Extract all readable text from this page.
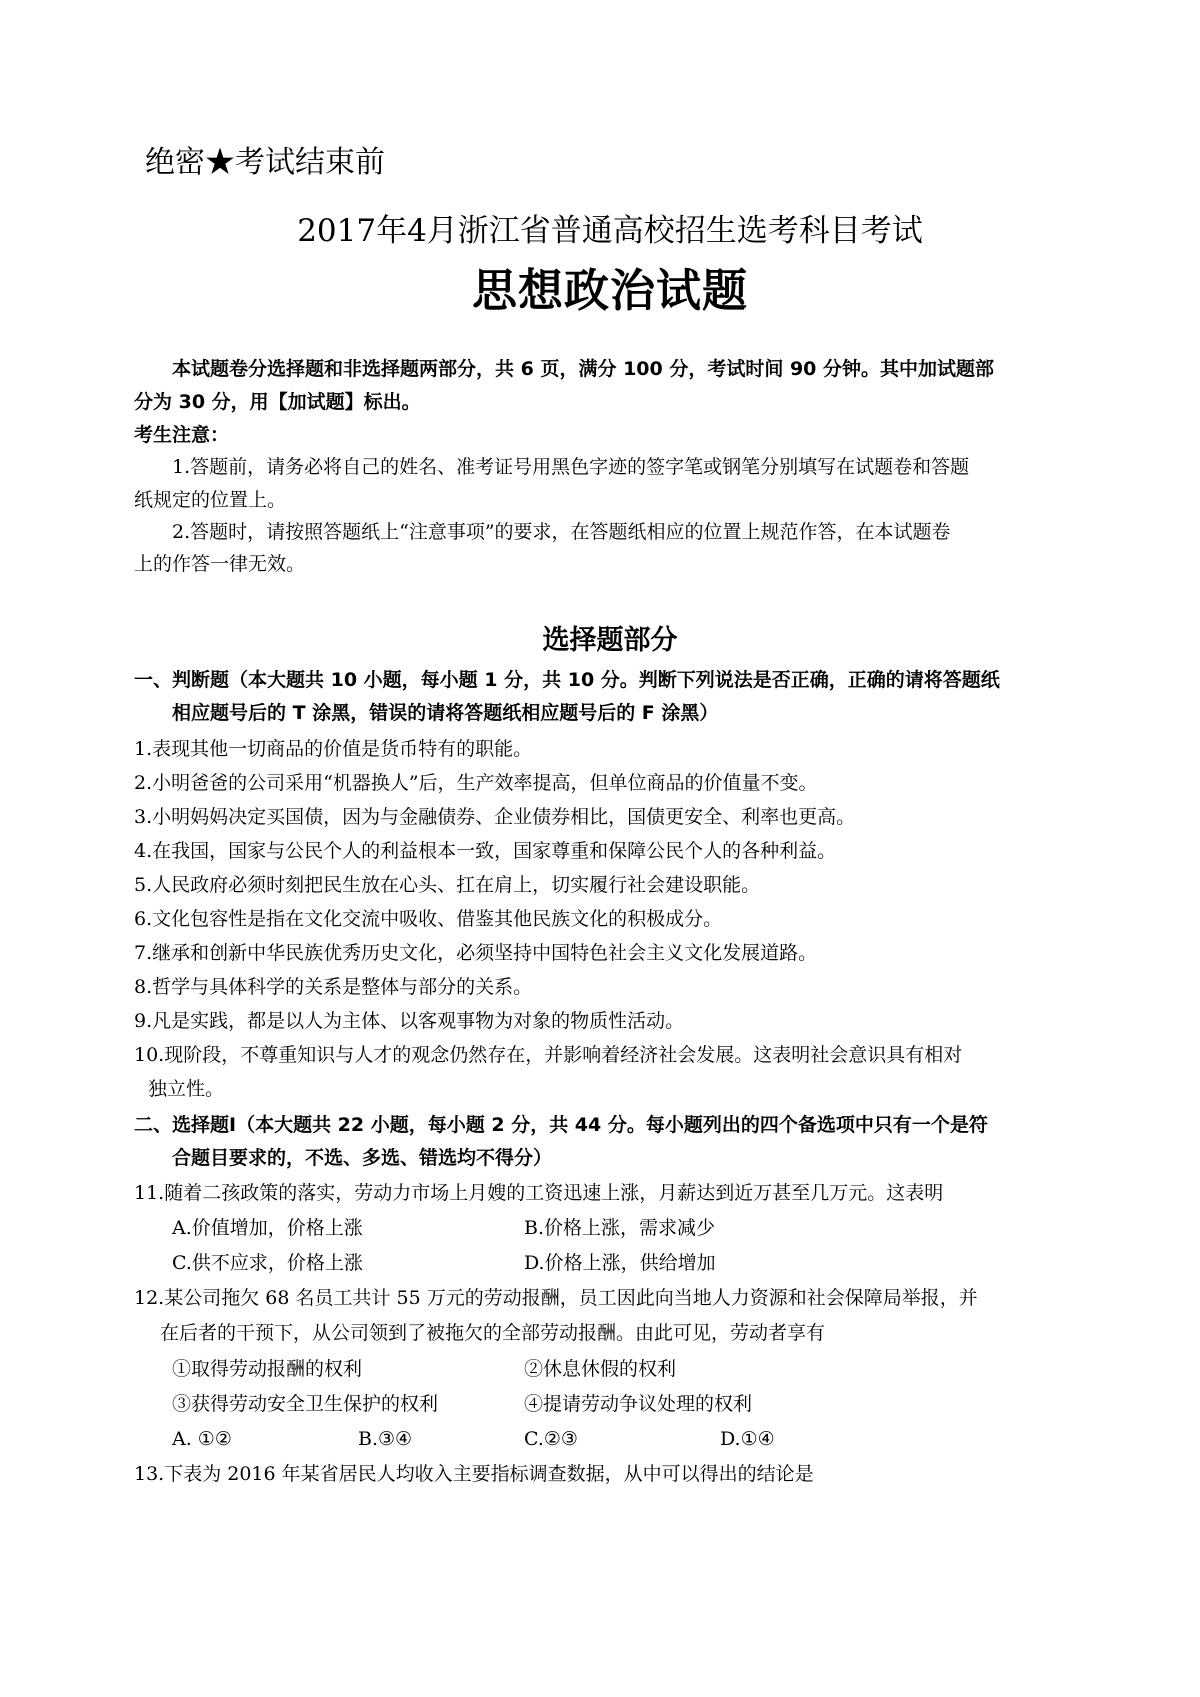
绝密★考试结束前
2017年4月浙江省普通高校招生选考科目考试
思想政治试题
本试题卷分选择题和非选择题两部分，共 6 页，满分 100 分，考试时间 90 分钟。其中加试题部
分为 30 分，用【加试题】标出。
考生注意：
1.答题前，请务必将自己的姓名、准考证号用黑色字迹的签字笔或钢笔分别填写在试题卷和答题
纸规定的位置上。
2.答题时，请按照答题纸上“注意事项”的要求，在答题纸相应的位置上规范作答，在本试题卷
上的作答一律无效。
选择题部分
一、判断题（本大题共 10 小题，每小题 1 分，共 10 分。判断下列说法是否正确，正确的请将答题纸
相应题号后的 T 涂黑，错误的请将答题纸相应题号后的 F 涂黑）
1.表现其他一切商品的价值是货币特有的职能。
2.小明爸爸的公司采用“机器换人”后，生产效率提高，但单位商品的价值量不变。
3.小明妈妈决定买国债，因为与金融债券、企业债券相比，国债更安全、利率也更高。
4.在我国，国家与公民个人的利益根本一致，国家尊重和保障公民个人的各种利益。
5.人民政府必须时刻把民生放在心头、扛在肩上，切实履行社会建设职能。
6.文化包容性是指在文化交流中吸收、借鉴其他民族文化的积极成分。
7.继承和创新中华民族优秀历史文化，必须坚持中国特色社会主义文化发展道路。
8.哲学与具体科学的关系是整体与部分的关系。
9.凡是实践，都是以人为主体、以客观事物为对象的物质性活动。
10.现阶段，不尊重知识与人才的观念仍然存在，并影响着经济社会发展。这表明社会意识具有相对
独立性。
二、选择题Ⅰ（本大题共 22 小题，每小题 2 分，共 44 分。每小题列出的四个备选项中只有一个是符
合题目要求的，不选、多选、错选均不得分）
11.随着二孩政策的落实，劳动力市场上月嫂的工资迅速上涨，月薪达到近万甚至几万元。这表明
A.价值增加，价格上涨	B.价格上涨，需求减少
C.供不应求，价格上涨	D.价格上涨，供给增加
12.某公司拖欠 68 名员工共计 55 万元的劳动报酬，员工因此向当地人力资源和社会保障局举报，并
在后者的干预下，从公司领到了被拖欠的全部劳动报酬。由此可见，劳动者享有
①取得劳动报酬的权利	②休息休假的权利
③获得劳动安全卫生保护的权利	④提请劳动争议处理的权利
A. ①②	B.③④	C.②③	D.①④
13.下表为 2016 年某省居民人均收入主要指标调查数据，从中可以得出的结论是
